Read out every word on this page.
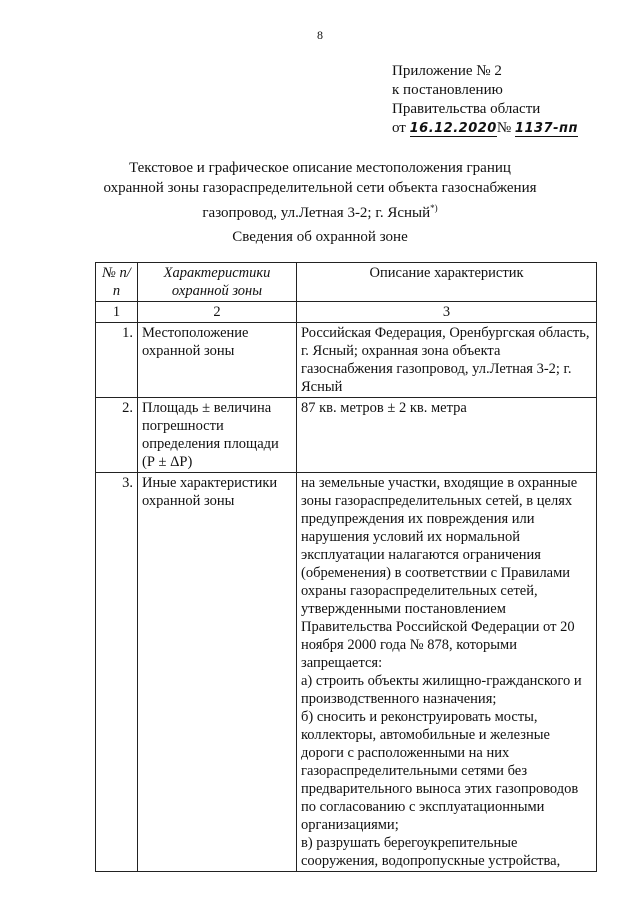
8
Приложение № 2
к постановлению
Правительства области
от 16.12.2020№ 1137-пп
Текстовое и графическое описание местоположения границ
охранной зоны газораспределительной сети объекта газоснабжения
газопровод, ул.Летная 3-2; г. Ясный*)
Сведения об охранной зоне
№ п/п	Характеристики охранной зоны	Описание характеристик
1	2	3
1.	Местоположение охранной зоны	Российская Федерация, Оренбургская область, г. Ясный; охранная зона объекта газоснабжения газопровод, ул.Летная 3-2; г. Ясный
2.	Площадь ± величина погрешности определения площади (Р ± ΔР)	87 кв. метров ± 2 кв. метра
3.	Иные характеристики охранной зоны	на земельные участки, входящие в охранные зоны газораспределительных сетей, в целях предупреждения их повреждения или нарушения условий их нормальной эксплуатации налагаются ограничения (обременения) в соответствии с Правилами охраны газораспределительных сетей, утвержденными постановлением Правительства Российской Федерации от 20 ноября 2000 года № 878, которыми запрещается:
а) строить объекты жилищно-гражданского и производственного назначения;
б) сносить и реконструировать мосты, коллекторы, автомобильные и железные дороги с расположенными на них газораспределительными сетями без предварительного выноса этих газопроводов по согласованию с эксплуатационными организациями;
в) разрушать берегоукрепительные сооружения, водопропускные устройства,
